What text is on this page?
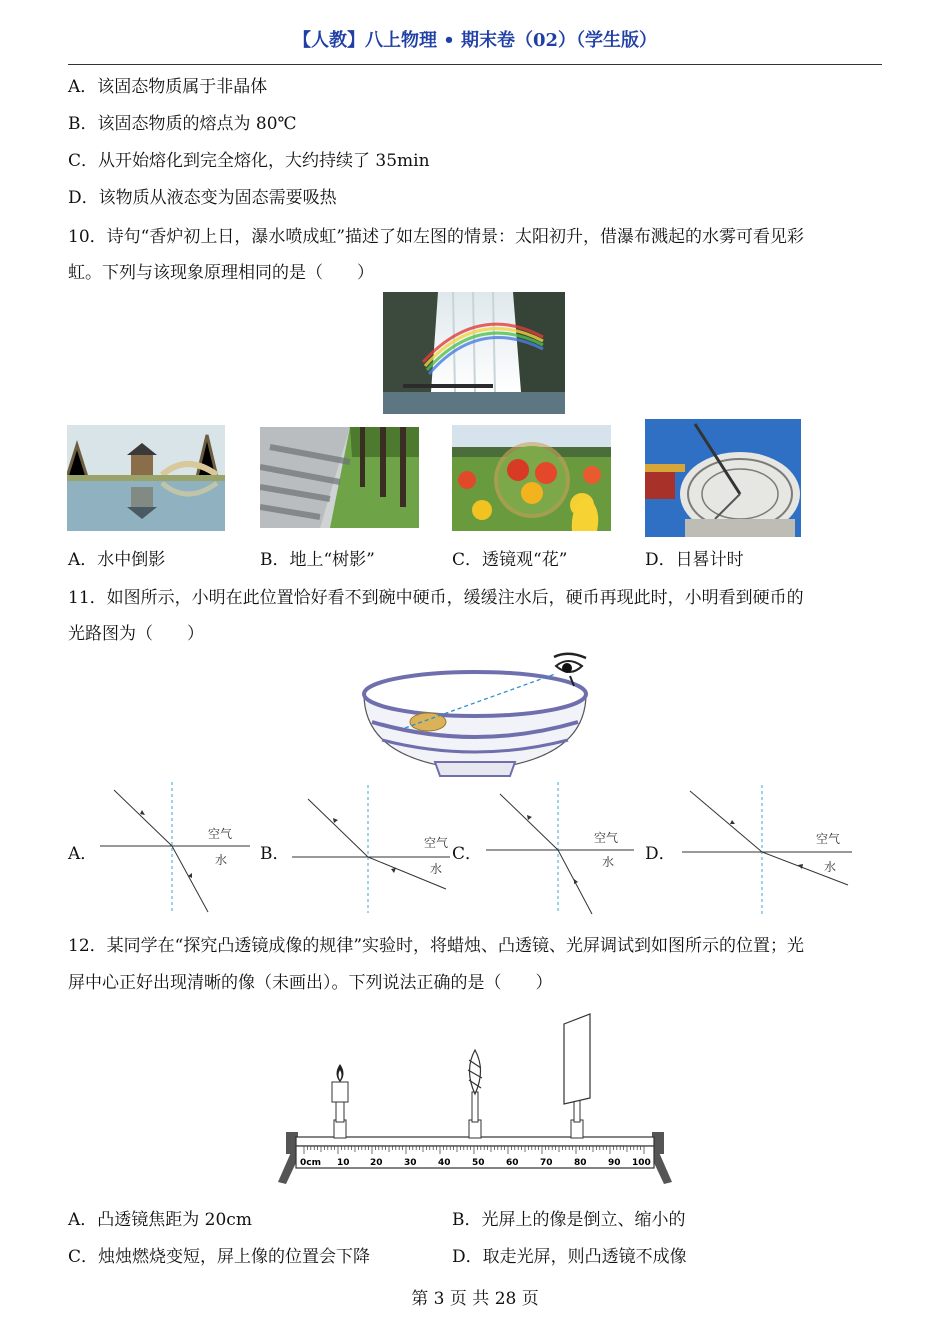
【人教】八上物理 • 期末卷（02）（学生版）
A．该固态物质属于非晶体
B．该固态物质的熔点为 80℃
C．从开始熔化到完全熔化，大约持续了 35min
D．该物质从液态变为固态需要吸热
10．诗句“香炉初上日，瀑水喷成虹”描述了如左图的情景：太阳初升，借瀑布溅起的水雾可看见彩
虹。下列与该现象原理相同的是（　　）
A．水中倒影	B．地上“树影”	C．透镜观“花”	D．日晷计时
11．如图所示，小明在此位置恰好看不到碗中硬币，缓缓注水后，硬币再现此时，小明看到硬币的
光路图为（　　）
A．
空气
水 B．
空气
水
C．
空气
水 D．
空气
水
12．某同学在“探究凸透镜成像的规律”实验时，将蜡烛、凸透镜、光屏调试到如图所示的位置；光
屏中心正好出现清晰的像（未画出）。下列说法正确的是（　　）
0cm 10 20 30 40 50 60 70 80 90 100
A．凸透镜焦距为 20cm	B．光屏上的像是倒立、缩小的
C．烛烛燃烧变短，屏上像的位置会下降	D．取走光屏，则凸透镜不成像
第 3 页 共 28 页
